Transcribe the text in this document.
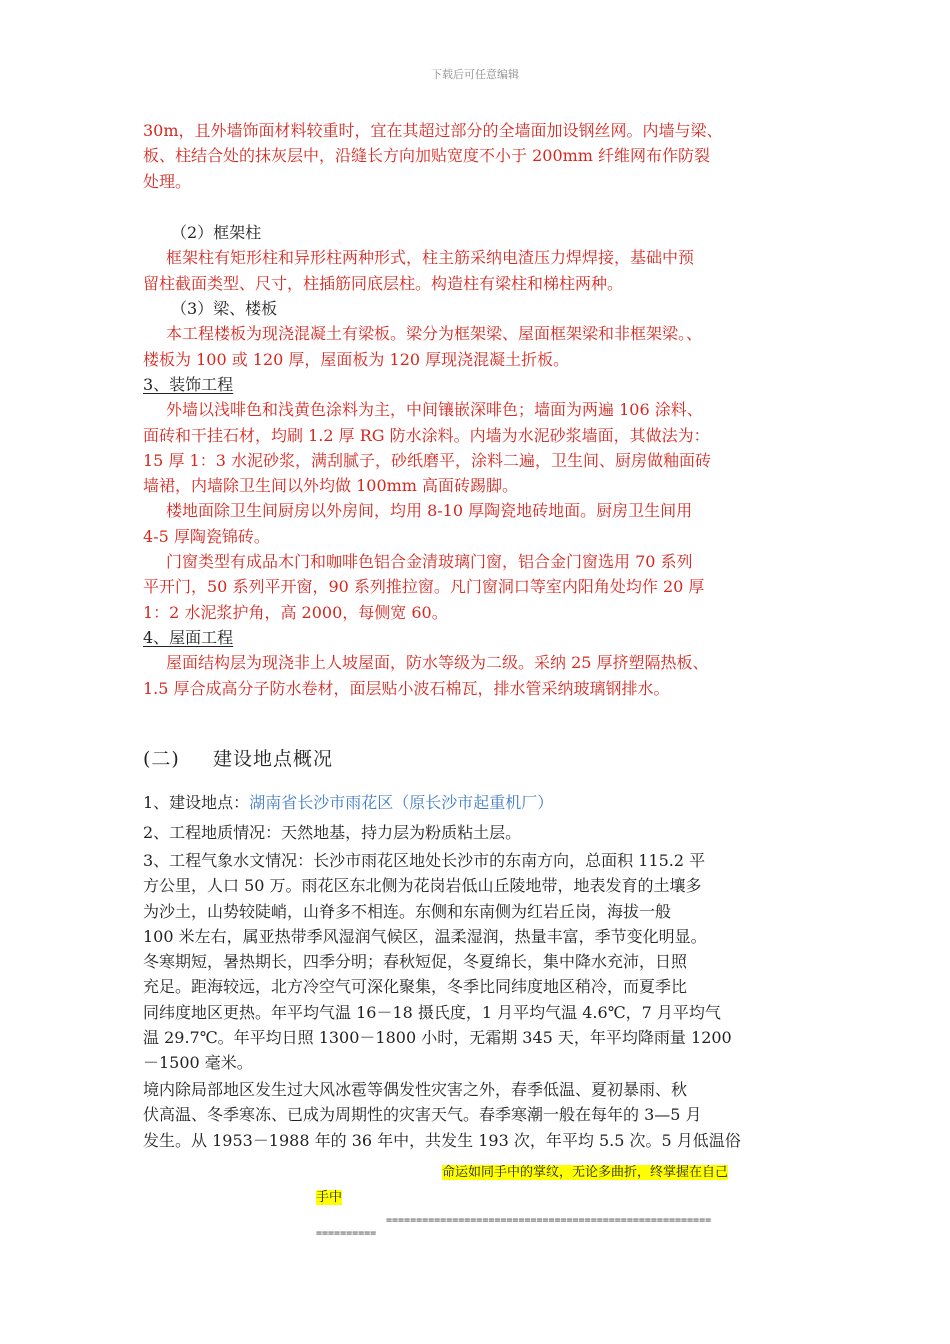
下载后可任意编辑
30m，且外墙饰面材料较重时，宜在其超过部分的全墙面加设钢丝网。内墙与梁、
板、柱结合处的抹灰层中，沿缝长方向加贴宽度不小于 200mm 纤维网布作防裂
处理。
（2）框架柱
框架柱有矩形柱和异形柱两种形式，柱主筋采纳电渣压力焊焊接，基础中预
留柱截面类型、尺寸，柱插筋同底层柱。构造柱有梁柱和梯柱两种。
（3）梁、楼板
本工程楼板为现浇混凝土有梁板。梁分为框架梁、屋面框架梁和非框架梁。、
楼板为 100 或 120 厚，屋面板为 120 厚现浇混凝土折板。
3、装饰工程
外墙以浅啡色和浅黄色涂料为主，中间镶嵌深啡色；墙面为两遍 106 涂料、
面砖和干挂石材，均刷 1.2 厚 RG 防水涂料。内墙为水泥砂浆墙面，其做法为：
15 厚 1：3 水泥砂浆，满刮腻子，砂纸磨平，涂料二遍，卫生间、厨房做釉面砖
墙裙，内墙除卫生间以外均做 100mm 高面砖踢脚。
楼地面除卫生间厨房以外房间，均用 8-10 厚陶瓷地砖地面。厨房卫生间用
4-5 厚陶瓷锦砖。
门窗类型有成品木门和咖啡色铝合金清玻璃门窗，铝合金门窗选用 70 系列
平开门，50 系列平开窗，90 系列推拉窗。凡门窗洞口等室内阳角处均作 20 厚
1：2 水泥浆护角，高 2000，每侧宽 60。
4、屋面工程
屋面结构层为现浇非上人坡屋面，防水等级为二级。采纳 25 厚挤塑隔热板、
1.5 厚合成高分子防水卷材，面层贴小波石棉瓦，排水管采纳玻璃钢排水。
(二) 建设地点概况
1、建设地点：湖南省长沙市雨花区（原长沙市起重机厂）
2、工程地质情况：天然地基，持力层为粉质粘土层。
3、工程气象水文情况：长沙市雨花区地处长沙市的东南方向，总面积 115.2 平
方公里，人口 50 万。雨花区东北侧为花岗岩低山丘陵地带，地表发育的土壤多
为沙土，山势较陡峭，山脊多不相连。东侧和东南侧为红岩丘岗，海拔一般
100 米左右，属亚热带季风湿润气候区，温柔湿润，热量丰富，季节变化明显。
冬寒期短，暑热期长，四季分明；春秋短促，冬夏绵长，集中降水充沛，日照
充足。距海较远，北方冷空气可深化聚集，冬季比同纬度地区稍冷，而夏季比
同纬度地区更热。年平均气温 16－18 摄氏度，1 月平均气温 4.6℃，7 月平均气
温 29.7℃。年平均日照 1300－1800 小时，无霜期 345 天，年平均降雨量 1200
－1500 毫米。
境内除局部地区发生过大风冰雹等偶发性灾害之外，春季低温、夏初暴雨、秋
伏高温、冬季寒冻、已成为周期性的灾害天气。春季寒潮一般在每年的 3—5 月
发生。从 1953－1988 年的 36 年中，共发生 193 次，年平均 5.5 次。5 月低温俗
命运如同手中的掌纹，无论多曲折，终掌握在自己
手中
======================================================
==========
